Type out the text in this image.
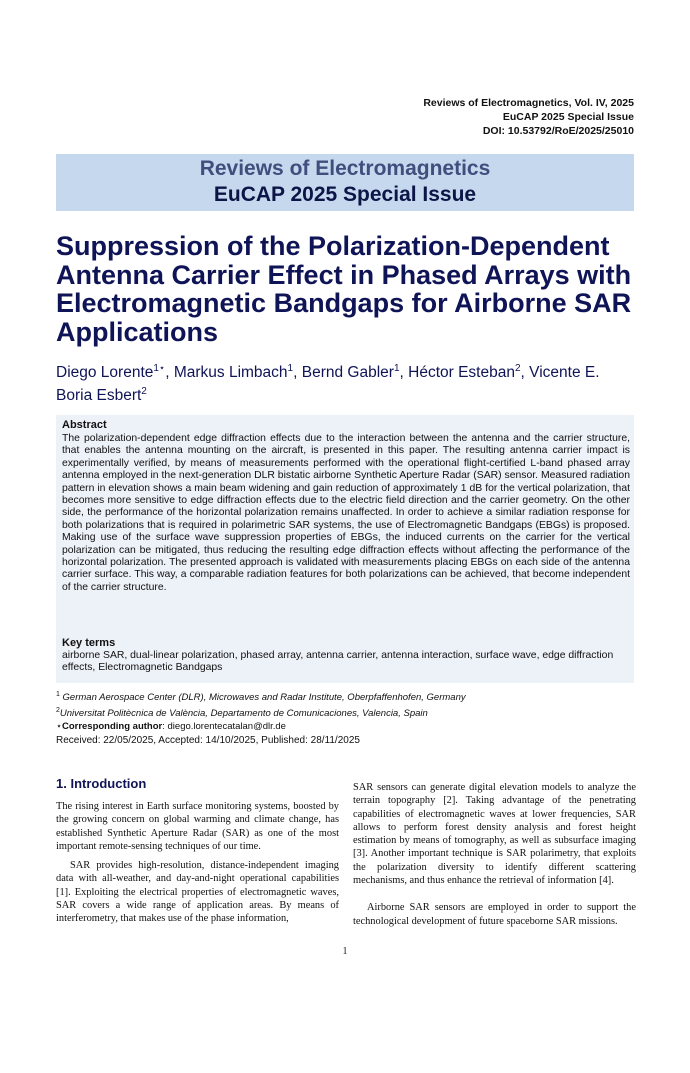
Reviews of Electromagnetics, Vol. IV, 2025
EuCAP 2025 Special Issue
DOI: 10.53792/RoE/2025/25010
Reviews of Electromagnetics
EuCAP 2025 Special Issue
Suppression of the Polarization-Dependent Antenna Carrier Effect in Phased Arrays with Electromagnetic Bandgaps for Airborne SAR Applications
Diego Lorente$^{1⋆}$, Markus Limbach$^1$, Bernd Gabler$^1$, Héctor Esteban$^2$, Vicente E. Boria Esbert$^2$
Abstract
The polarization-dependent edge diffraction effects due to the interaction between the antenna and the carrier structure, that enables the antenna mounting on the aircraft, is presented in this paper. The resulting antenna carrier impact is experimentally verified, by means of measurements performed with the operational flight-certified L-band phased array antenna employed in the next-generation DLR bistatic airborne Synthetic Aperture Radar (SAR) sensor. Measured radiation pattern in elevation shows a main beam widening and gain reduction of approximately 1 dB for the vertical polarization, that becomes more sensitive to edge diffraction effects due to the electric field direction and the carrier geometry. On the other side, the performance of the horizontal polarization remains unaffected. In order to achieve a similar radiation response for both polarizations that is required in polarimetric SAR systems, the use of Electromagnetic Bandgaps (EBGs) is proposed. Making use of the surface wave suppression properties of EBGs, the induced currents on the carrier for the vertical polarization can be mitigated, thus reducing the resulting edge diffraction effects without affecting the performance of the horizontal polarization. The presented approach is validated with measurements placing EBGs on each side of the antenna carrier surface. This way, a comparable radiation features for both polarizations can be achieved, that become independent of the carrier structure.
Key terms
airborne SAR, dual-linear polarization, phased array, antenna carrier, antenna interaction, surface wave, edge diffraction effects, Electromagnetic Bandgaps
$^1$ German Aerospace Center (DLR), Microwaves and Radar Institute, Oberpfaffenhofen, Germany
$^2$Universitat Politècnica de València, Departamento de Comunicaciones, Valencia, Spain
⋆Corresponding author: diego.lorentecatalan@dlr.de
Received: 22/05/2025, Accepted: 14/10/2025, Published: 28/11/2025
1. Introduction

The rising interest in Earth surface monitoring systems, boosted by the growing concern on global warming and climate change, has established Synthetic Aperture Radar (SAR) as one of the most important remote-sensing techniques of our time.

SAR provides high-resolution, distance-independent imaging data with all-weather, and day-and-night operational capabilities [1]. Exploiting the electrical properties of electromagnetic waves, SAR covers a wide range of application areas. By means of interferometry, that makes use of the phase information,

SAR sensors can generate digital elevation models to analyze the terrain topography [2]. Taking advantage of the penetrating capabilities of electromagnetic waves at lower frequencies, SAR allows to perform forest density analysis and forest height estimation by means of tomography, as well as subsurface imaging [3]. Another important technique is SAR polarimetry, that exploits the polarization diversity to identify different scattering mechanisms, and thus enhance the retrieval of information [4].

Airborne SAR sensors are employed in order to support the technological development of future spaceborne SAR missions.

1
